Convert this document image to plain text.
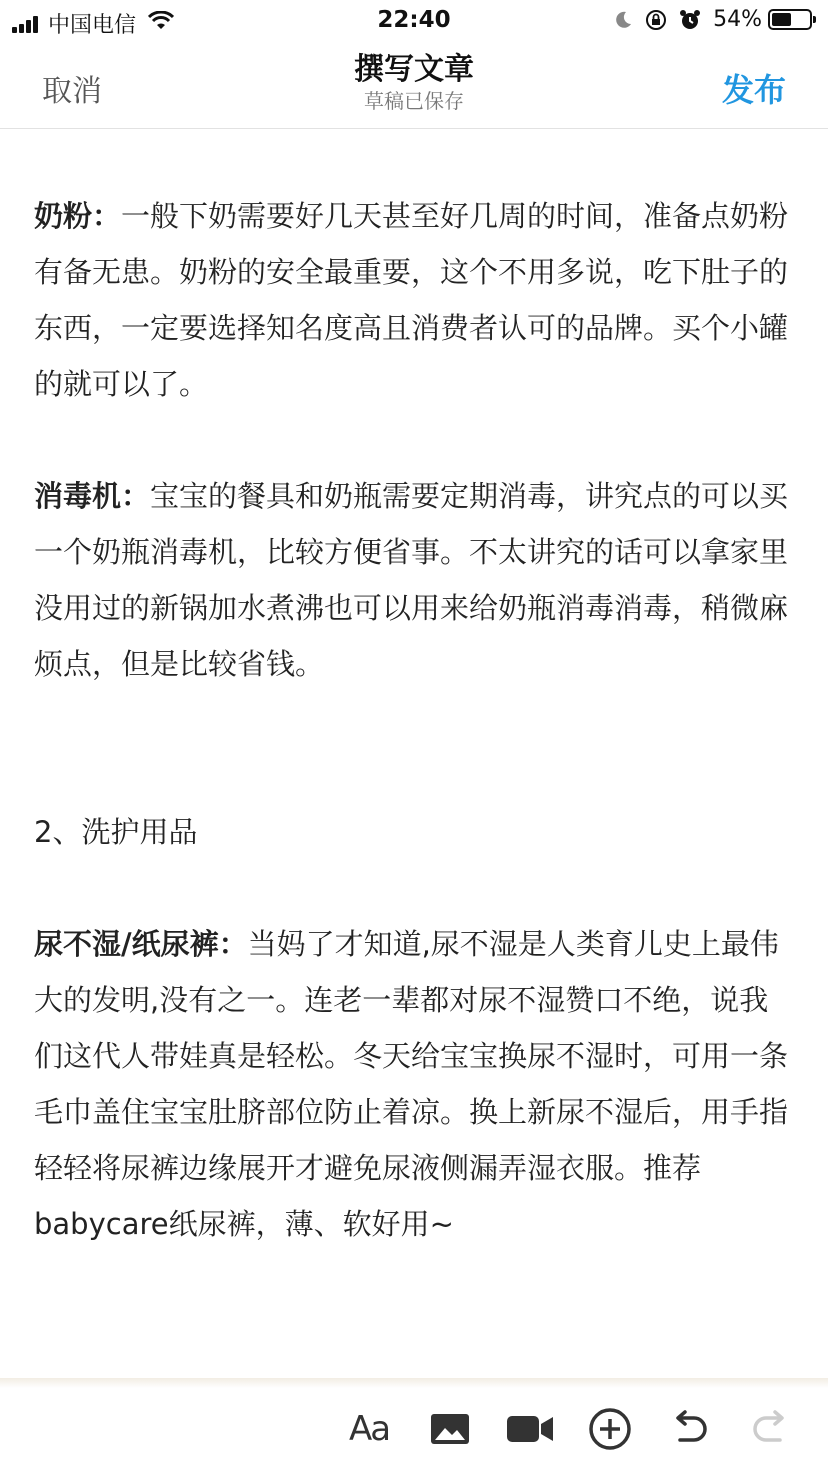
中国电信	22:40	54%
取消
撰写文章
草稿已保存	发布

奶粉：一般下奶需要好几天甚至好几周的时间，准备点奶粉有备无患。奶粉的安全最重要，这个不用多说，吃下肚子的东西，一定要选择知名度高且消费者认可的品牌。买个小罐的就可以了。

消毒机：宝宝的餐具和奶瓶需要定期消毒，讲究点的可以买一个奶瓶消毒机，比较方便省事。不太讲究的话可以拿家里没用过的新锅加水煮沸也可以用来给奶瓶消毒消毒，稍微麻烦点，但是比较省钱。

2、洗护用品

尿不湿/纸尿裤：当妈了才知道,尿不湿是人类育儿史上最伟大的发明,没有之一。连老一辈都对尿不湿赞口不绝，说我们这代人带娃真是轻松。冬天给宝宝换尿不湿时，可用一条毛巾盖住宝宝肚脐部位防止着凉。换上新尿不湿后，用手指轻轻将尿裤边缘展开才避免尿液侧漏弄湿衣服。推荐babycare纸尿裤，薄、软好用~

Aa
